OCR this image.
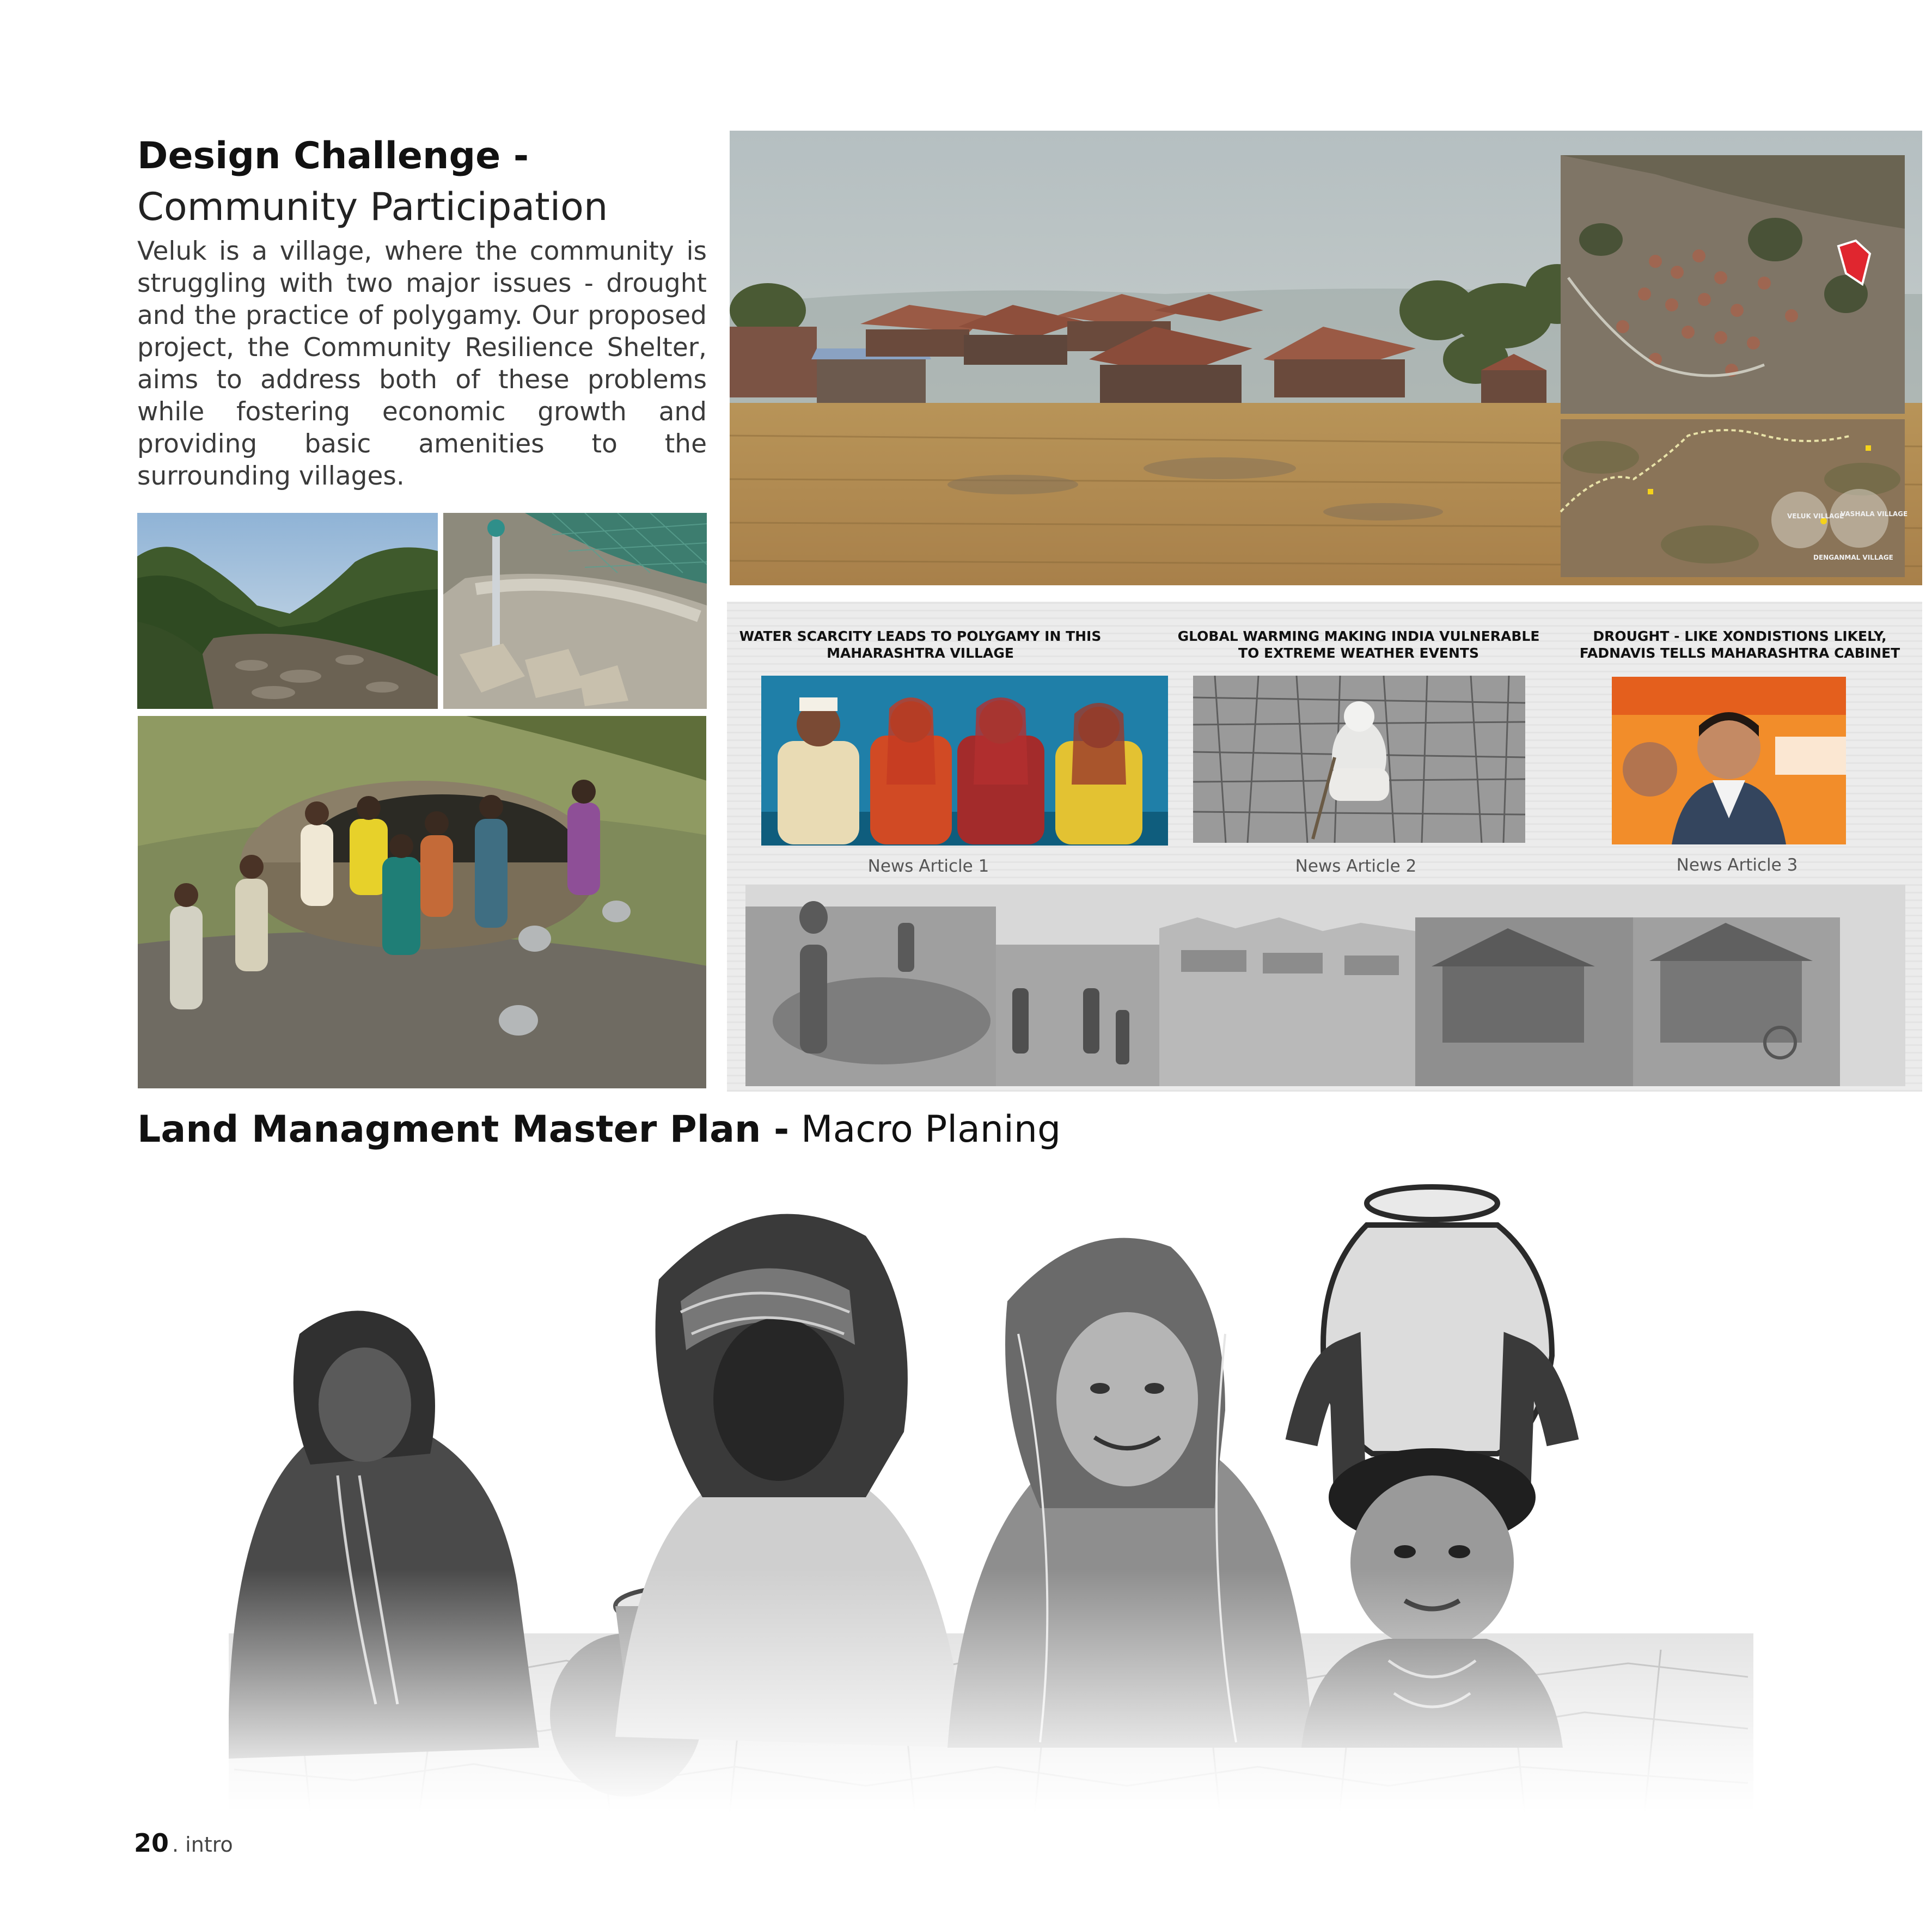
Design Challenge -
Community Participation
Veluk is a village, where the community is struggling with two major issues - drought and the practice of polygamy. Our proposed project, the Community Resilience Shelter, aims to address both of these problems while fostering economic growth and providing basic amenities to the surrounding villages.
VELUK VILLAGE
VASHALA VILLAGE
DENGANMAL VILLAGE
WATER SCARCITY LEADS TO POLYGAMY IN THIS MAHARASHTRA VILLAGE
News Article 1
GLOBAL WARMING MAKING INDIA VULNERABLE TO EXTREME WEATHER EVENTS
News Article 2
DROUGHT - LIKE XONDISTIONS LIKELY, FADNAVIS TELLS MAHARASHTRA CABINET
News Article 3
Land Managment Master Plan - Macro Planing
20 . intro
